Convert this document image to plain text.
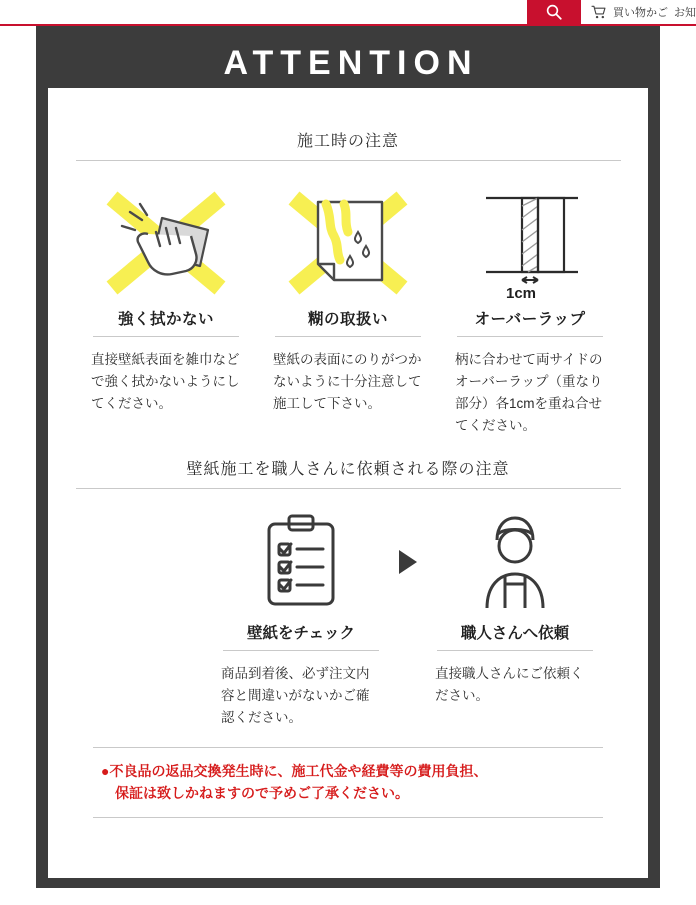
買い物かご お知
ATTENTION
施工時の注意
強く拭かない
直接壁紙表面を雑巾などで強く拭かないようにしてください。
糊の取扱い
壁紙の表面にのりがつかないように十分注意して施工して下さい。
1cm
オーバーラップ
柄に合わせて両サイドのオーバーラップ（重なり部分）各1cmを重ね合せてください。
壁紙施工を職人さんに依頼される際の注意
壁紙をチェック
商品到着後、必ず注文内容と間違いがないかご確認ください。
職人さんへ依頼
直接職人さんにご依頼ください。
●不良品の返品交換発生時に、施工代金や経費等の費用負担、
保証は致しかねますので予めご了承ください。
